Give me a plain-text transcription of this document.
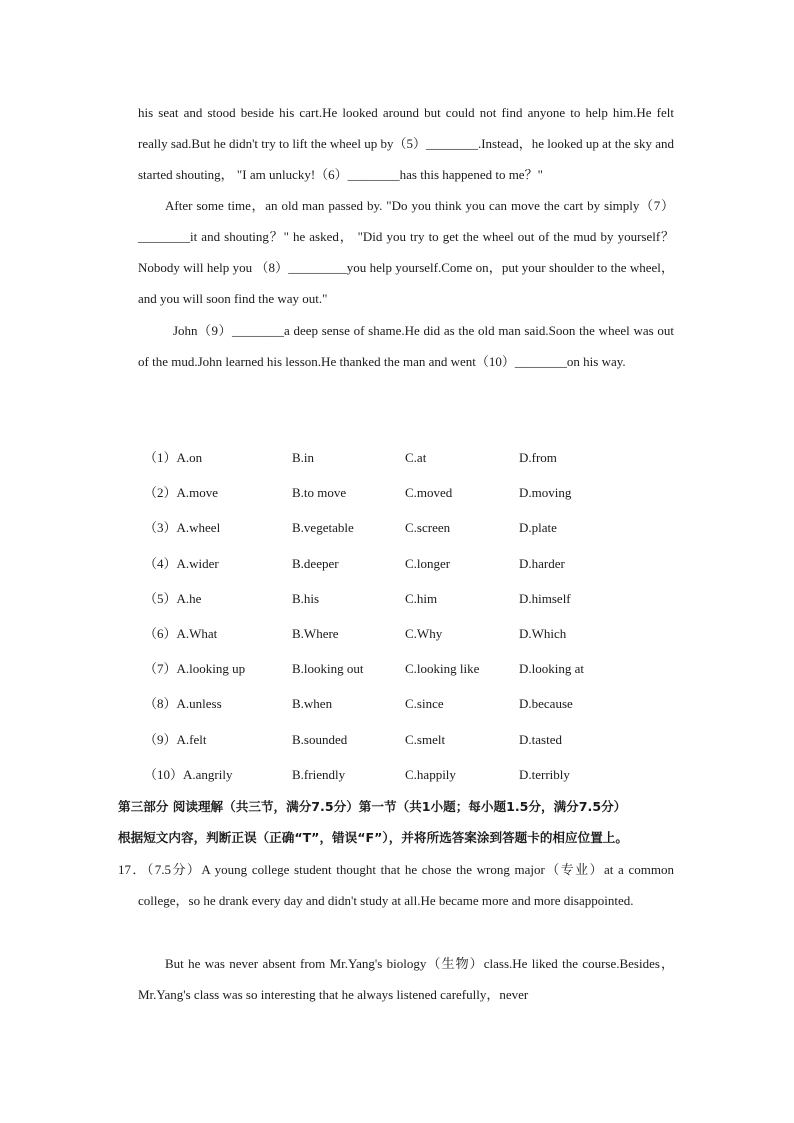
his seat and stood beside his cart.He looked around but could not find anyone to help him.He felt really sad.But he didn't try to lift the wheel up by（5）________.Instead，he looked up at the sky and started shouting， "I am unlucky!（6）________has this happened to me？"
After some time，an old man passed by. "Do you think you can move the cart by simply（7）________it and shouting？" he asked， "Did you try to get the wheel out of the mud by yourself？Nobody will help you （8）_________you help yourself.Come on，put your shoulder to the wheel，and you will soon find the way out."
John（9）________a deep sense of shame.He did as the old man said.Soon the wheel was out of the mud.John learned his lesson.He thanked the man and went（10）________on his way.
（1）A.on	B.in	C.at	D.from
（2）A.move	B.to move	C.moved	D.moving
（3）A.wheel	B.vegetable	C.screen	D.plate
（4）A.wider	B.deeper	C.longer	D.harder
（5）A.he	B.his	C.him	D.himself
（6）A.What	B.Where	C.Why	D.Which
（7）A.looking up	B.looking out	C.looking like	D.looking at
（8）A.unless	B.when	C.since	D.because
（9）A.felt	B.sounded	C.smelt	D.tasted
（10）A.angrily	B.friendly	C.happily	D.terribly
第三部分 阅读理解（共三节，满分7.5分）第一节（共1小题；每小题1.5分，满分7.5分）
根据短文内容，判断正误（正确“T”，错误“F”），并将所选答案涂到答题卡的相应位置上。
17．（7.5分）A young college student thought that he chose the wrong major（专业）at a common college，so he drank every day and didn't study at all.He became more and more disappointed.
But he was never absent from Mr.Yang's biology（生物）class.He liked the course.Besides，Mr.Yang's class was so interesting that he always listened carefully，never
